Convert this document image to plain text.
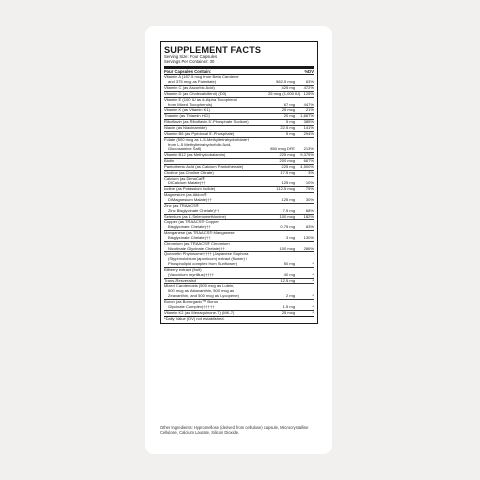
SUPPLEMENT FACTS
Serving Size: Four Capsules
Servings Per Container: 30
Four Capsules Contain:	%DV
Vitamin A (187.5 mcg from Beta Carotene
and 375 mcg as Palmitate)	562.5 mcg	63%
Vitamin C (as Ascorbic Acid)	425 mg	472%
Vitamin D (as Cholecalciferol) (D3)	25 mcg (1,000 IU) 125%
Vitamin E (100 IU as d-Alpha Tocopherol
from Mixed Tocopherols)	67 mg	447%
Vitamin K (as Vitamin K1)	25 mcg	21%
Thiamin (as Thiamin HCl)	20 mg	1,667%
Riboflavin (as Riboflavin 5’-Phosphate Sodium)	5 mg	385%
Niacin (as Niacinamide)	22.5 mg	141%
Vitamin B6 (as Pyridoxal 5’-Phosphate)	5 mg	294%
Folate (500 mcg as L-5-Methyltetrahydrofolate†
from L-5 Methyltetrahydrofolic Acid,
Glucosamine Salt)	850 mcg DFE	213%
Vitamin B12 (as Methylcobalamin)	225 mcg	9,375%
Biotin	200 mcg	667%
Pantothenic Acid (as Calcium Pantothenate)	225 mg	4,500%
Choline (as Choline Citrate)	17.5 mg	3%
Calcium (as DimaCal®
DiCalcium Malate)††	125 mg	10%
Iodine (as Potassium Iodide)	112.5 mcg	75%
Magnesium (as Albion®
DiMagnesium Malate)††	125 mg	30%
Zinc (as TRAACS®
Zinc Bisglycinate Chelate)††	7.5 mg	68%
Selenium (as L-Selenomethionine)	100 mcg	182%
Copper (as TRAACS® Copper
Bisglycinate Chelate)††	0.75 mg	83%
Manganese (as TRAACS® Manganese
Bisglycinate Chelate)††	3 mg	130%
Chromium (as TRAACS® Chromium
Nicotinate Glycinate Chelate)††	100 mcg	286%
Quercetin Phytosome†††† (Japanese Sophora
(Styphnolobium japonicum) extract (flower) /
Phospholipid complex from Sunflower)	50 mg	*
Bilberry extract (fruit)
(Vaccinium myrtillus)††††	40 mg	*
Trans-Resveratrol	12.5 mg	*
Mixed Carotenoids (500 mcg as Lutein,
500 mcg as Astaxanthin, 500 mcg as
Zeaxanthin, and 500 mcg as Lycopene)	2 mg	*
Boron (as Bororganic™ Boron
Glycinate Complex)†††††	1.5 mg	*
Vitamin K2 (as Menaquinone-7) (MK-7)	25 mcg	*
*Daily Value (DV) not established.
Other Ingredients: Hypromellose (derived from cellulose) capsule, Microcrystalline Cellulose, Calcium Laurate, Silicon Dioxide.
